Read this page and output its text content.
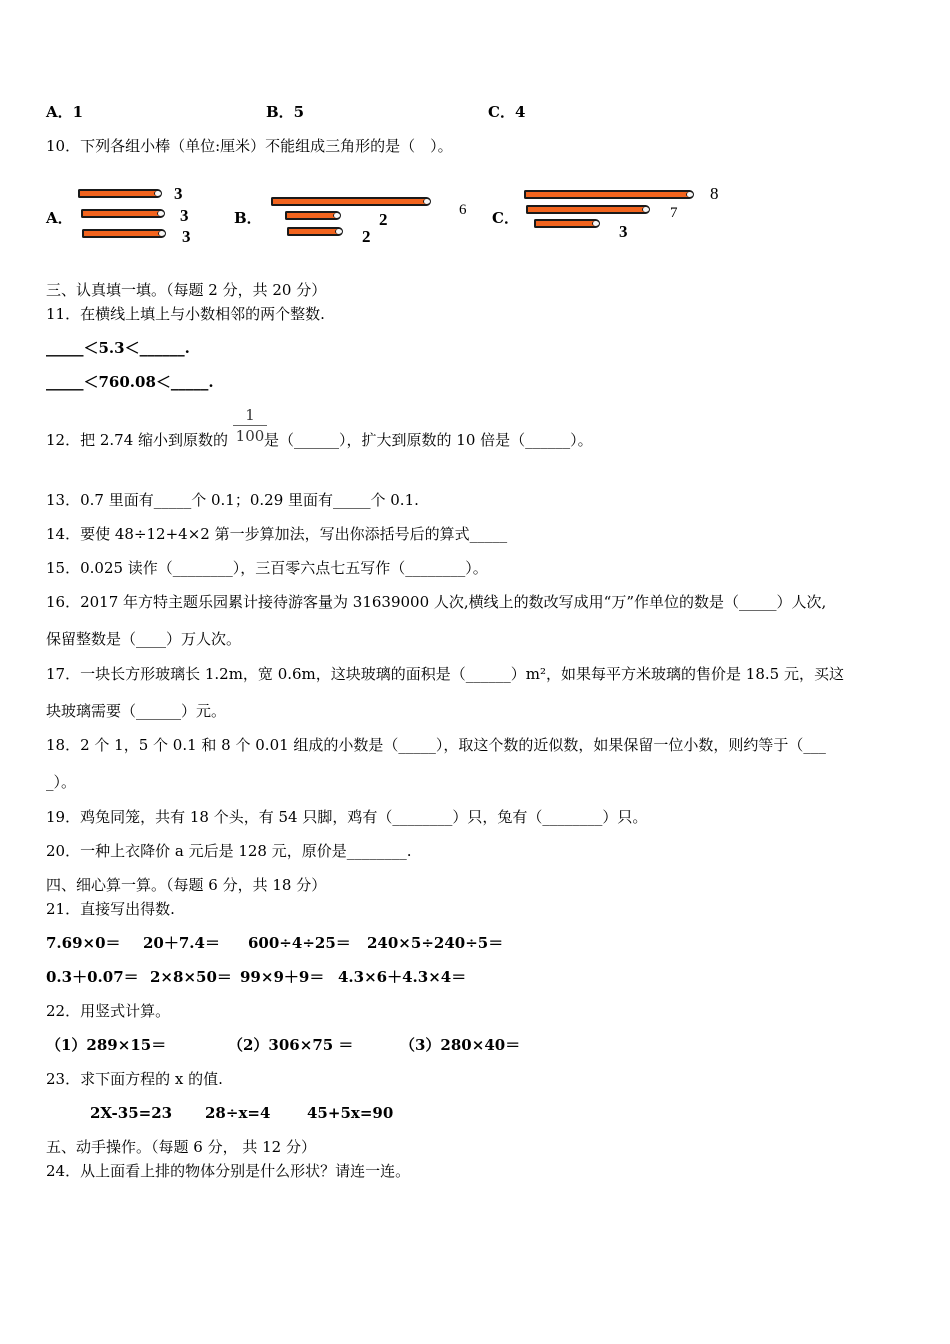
A．1	B．5	C．4
10．下列各组小棒（单位:厘米）不能组成三角形的是（　）。
A．
3
3
3
B．	6
2
2
C．
8
7
3
三、认真填一填。（每题 2 分，共 20 分）
11．在横线上填上与小数相邻的两个整数.
_____＜5.3＜______.
_____＜760.08＜_____.
12．把 2.74 缩小到原数的 是（______），扩大到原数的 10 倍是（______）。
1
100
13．0.7 里面有_____个 0.1；0.29 里面有_____个 0.1.
14．要使 48÷12+4×2 第一步算加法，写出你添括号后的算式_____
15．0.025 读作（________），三百零六点七五写作（________）。
16．2017 年方特主题乐园累计接待游客量为 31639000 人次,横线上的数改写成用“万”作单位的数是（_____）人次,
保留整数是（____）万人次。
17．一块长方形玻璃长 1.2m，宽 0.6m，这块玻璃的面积是（______）m²，如果每平方米玻璃的售价是 18.5 元，买这
块玻璃需要（______）元。
18．2 个 1，5 个 0.1 和 8 个 0.01 组成的小数是（_____），取这个数的近似数，如果保留一位小数，则约等于（___
_）。
19．鸡兔同笼，共有 18 个头，有 54 只脚，鸡有（________）只，兔有（________）只。
20．一种上衣降价 a 元后是 128 元，原价是________.
四、细心算一算。（每题 6 分，共 18 分）
21．直接写出得数.
7.69×0＝ 20＋7.4＝ 600÷4÷25＝ 240×5÷240÷5＝
0.3＋0.07＝ 2×8×50＝ 99×9＋9＝ 4.3×6＋4.3×4＝
22．用竖式计算。
（1）289×15＝	（2）306×75 ＝	（3）280×40＝
23．求下面方程的 x 的值.
2X-35=23 28÷x=4 45+5x=90
五、动手操作。（每题 6 分， 共 12 分）
24．从上面看上排的物体分别是什么形状？请连一连。
